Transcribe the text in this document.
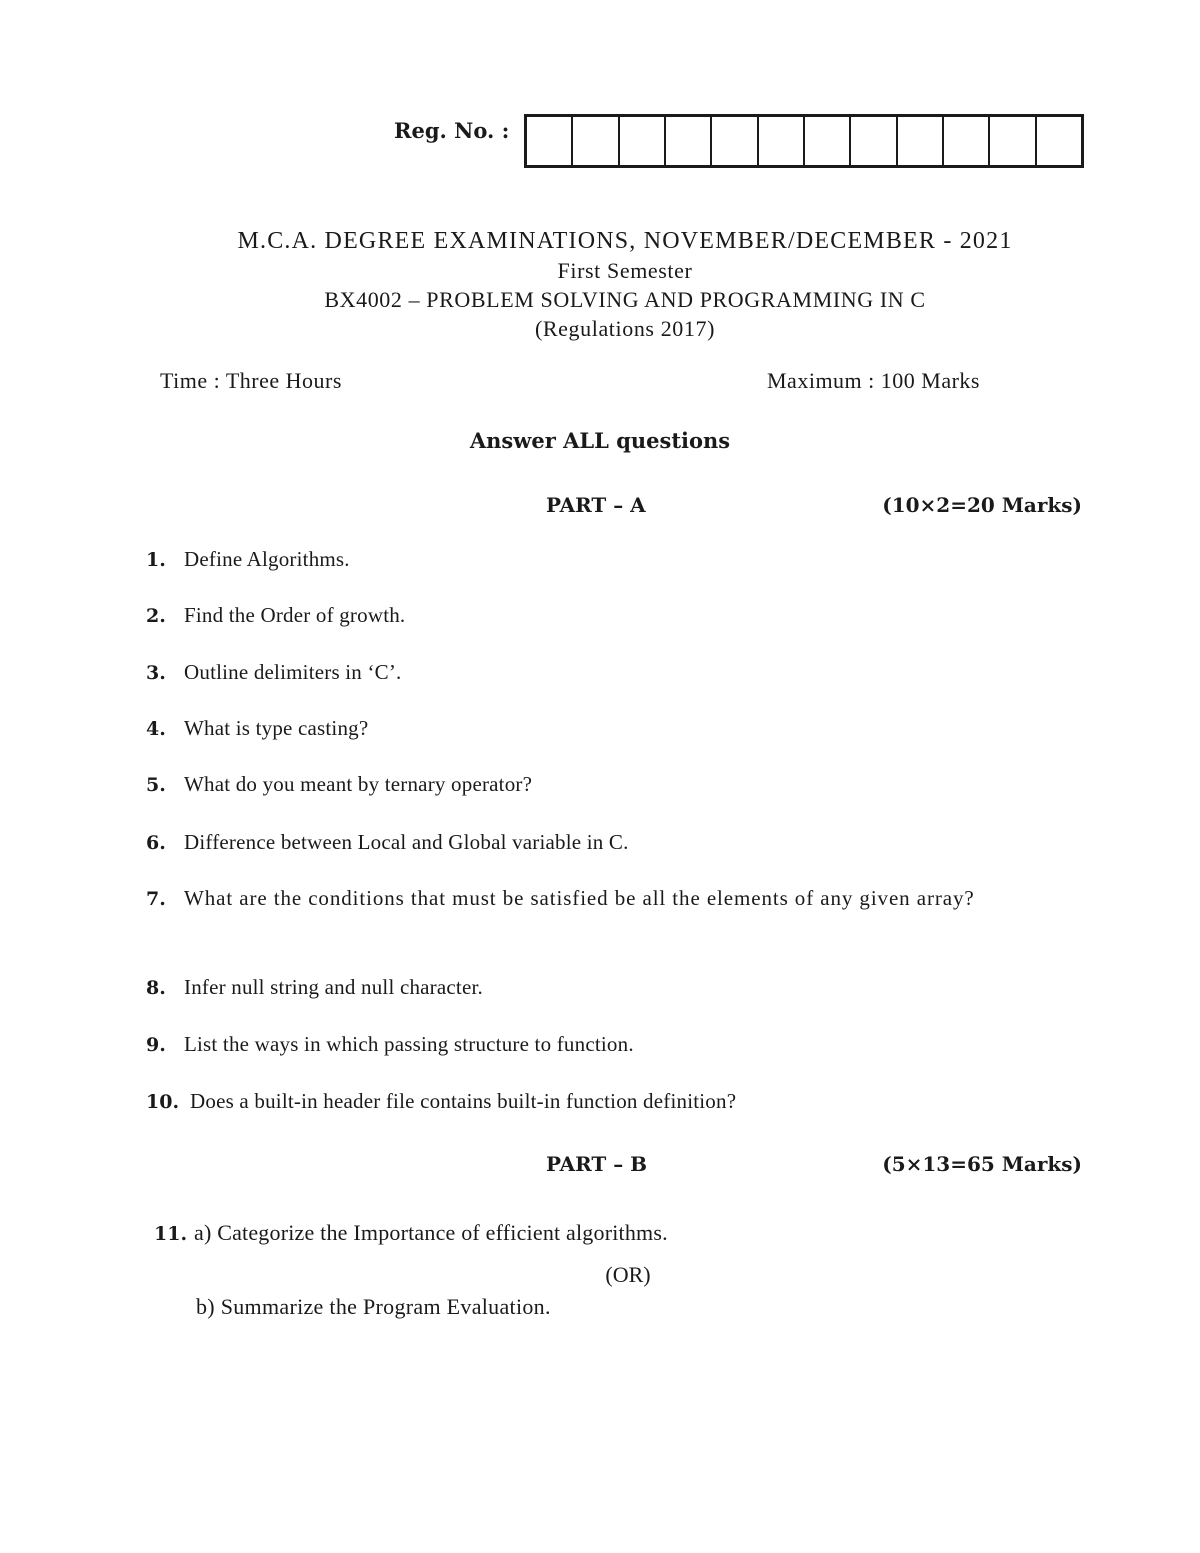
Reg. No. :
M.C.A. DEGREE EXAMINATIONS, NOVEMBER/DECEMBER - 2021
First Semester
BX4002 – PROBLEM SOLVING AND PROGRAMMING IN C
(Regulations 2017)
Time : Three Hours	Maximum : 100 Marks
Answer ALL questions
PART – A	(10×2=20 Marks)
1. Define Algorithms.
2. Find the Order of growth.
3. Outline delimiters in ‘C’.
4. What is type casting?
5. What do you meant by ternary operator?
6. Difference between Local and Global variable in C.
7. What are the conditions that must be satisfied be all the elements of any given array?
8. Infer null string and null character.
9. List the ways in which passing structure to function.
10. Does a built-in header file contains built-in function definition?
PART – B	(5×13=65 Marks)
11. a) Categorize the Importance of efficient algorithms.
(OR)
b) Summarize the Program Evaluation.
